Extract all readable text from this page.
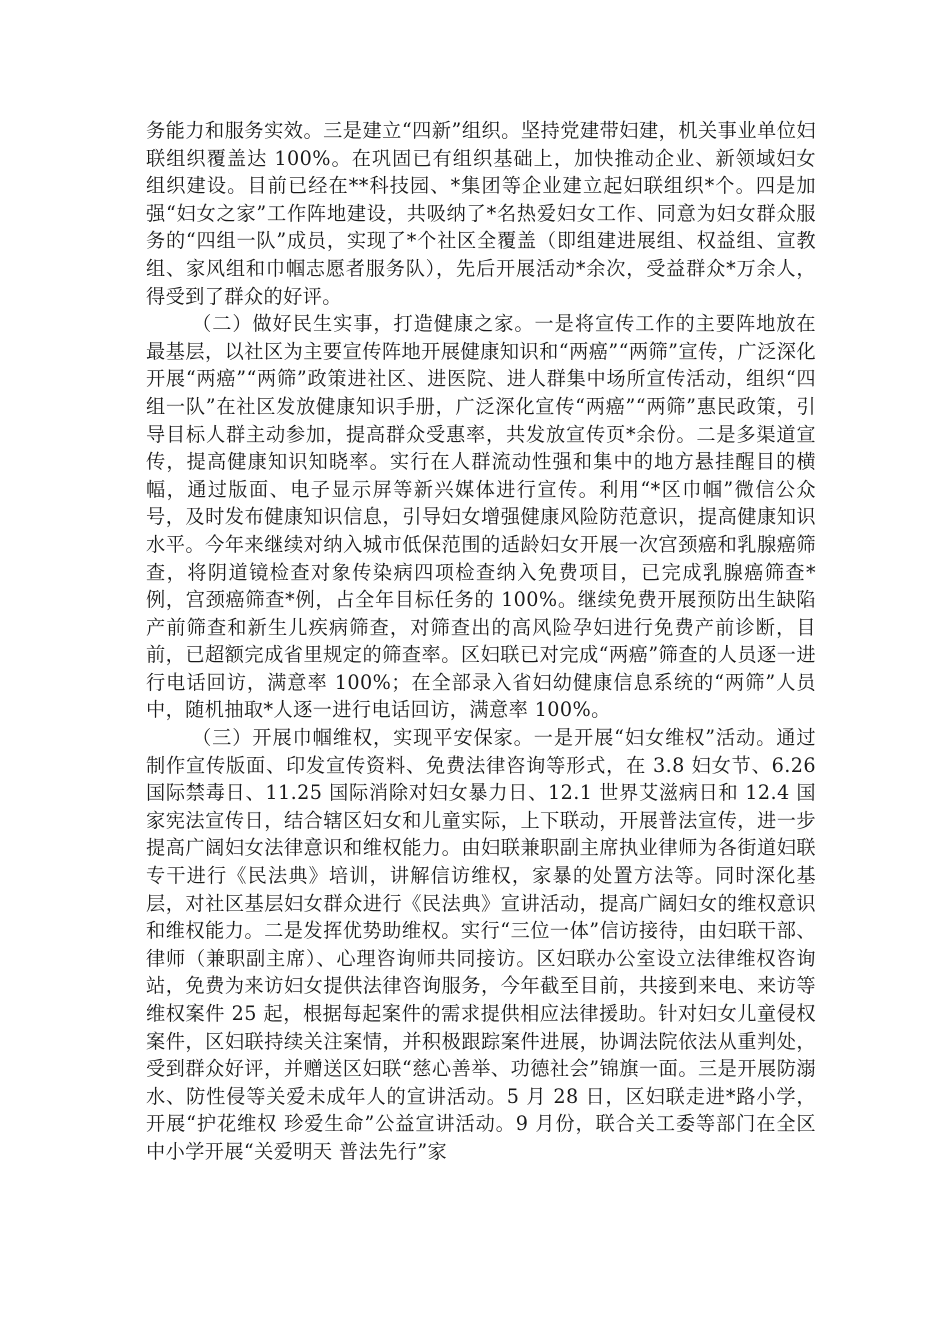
务能力和服务实效。三是建立“四新”组织。坚持党建带妇建，机关事业单位妇联组织覆盖达 100%。在巩固已有组织基础上，加快推动企业、新领域妇女组织建设。目前已经在**科技园、*集团等企业建立起妇联组织*个。四是加强“妇女之家”工作阵地建设，共吸纳了*名热爱妇女工作、同意为妇女群众服务的“四组一队”成员，实现了*个社区全覆盖（即组建进展组、权益组、宣教组、家风组和巾帼志愿者服务队），先后开展活动*余次，受益群众*万余人，得受到了群众的好评。

（二）做好民生实事，打造健康之家。一是将宣传工作的主要阵地放在最基层，以社区为主要宣传阵地开展健康知识和“两癌”“两筛”宣传，广泛深化开展“两癌”“两筛”政策进社区、进医院、进人群集中场所宣传活动，组织“四组一队”在社区发放健康知识手册，广泛深化宣传“两癌”“两筛”惠民政策，引导目标人群主动参加，提高群众受惠率，共发放宣传页*余份。二是多渠道宣传，提高健康知识知晓率。实行在人群流动性强和集中的地方悬挂醒目的横幅，通过版面、电子显示屏等新兴媒体进行宣传。利用“*区巾帼”微信公众号，及时发布健康知识信息，引导妇女增强健康风险防范意识，提高健康知识水平。今年来继续对纳入城市低保范围的适龄妇女开展一次宫颈癌和乳腺癌筛查，将阴道镜检查对象传染病四项检查纳入免费项目，已完成乳腺癌筛查*例，宫颈癌筛查*例，占全年目标任务的 100%。继续免费开展预防出生缺陷产前筛查和新生儿疾病筛查，对筛查出的高风险孕妇进行免费产前诊断，目前，已超额完成省里规定的筛查率。区妇联已对完成“两癌”筛查的人员逐一进行电话回访，满意率 100%；在全部录入省妇幼健康信息系统的“两筛”人员中，随机抽取*人逐一进行电话回访，满意率 100%。

（三）开展巾帼维权，实现平安保家。一是开展“妇女维权”活动。通过制作宣传版面、印发宣传资料、免费法律咨询等形式，在 3.8 妇女节、6.26 国际禁毒日、11.25 国际消除对妇女暴力日、12.1 世界艾滋病日和 12.4 国家宪法宣传日，结合辖区妇女和儿童实际，上下联动，开展普法宣传，进一步提高广阔妇女法律意识和维权能力。由妇联兼职副主席执业律师为各街道妇联专干进行《民法典》培训，讲解信访维权，家暴的处置方法等。同时深化基层，对社区基层妇女群众进行《民法典》宣讲活动，提高广阔妇女的维权意识和维权能力。二是发挥优势助维权。实行“三位一体”信访接待，由妇联干部、律师（兼职副主席）、心理咨询师共同接访。区妇联办公室设立法律维权咨询站，免费为来访妇女提供法律咨询服务，今年截至目前，共接到来电、来访等维权案件 25 起，根据每起案件的需求提供相应法律援助。针对妇女儿童侵权案件，区妇联持续关注案情，并积极跟踪案件进展，协调法院依法从重判处，受到群众好评，并赠送区妇联“慈心善举、功德社会”锦旗一面。三是开展防溺水、防性侵等关爱未成年人的宣讲活动。5 月 28 日，区妇联走进*路小学，开展“护花维权 珍爱生命”公益宣讲活动。9 月份，联合关工委等部门在全区中小学开展“关爱明天 普法先行”家
